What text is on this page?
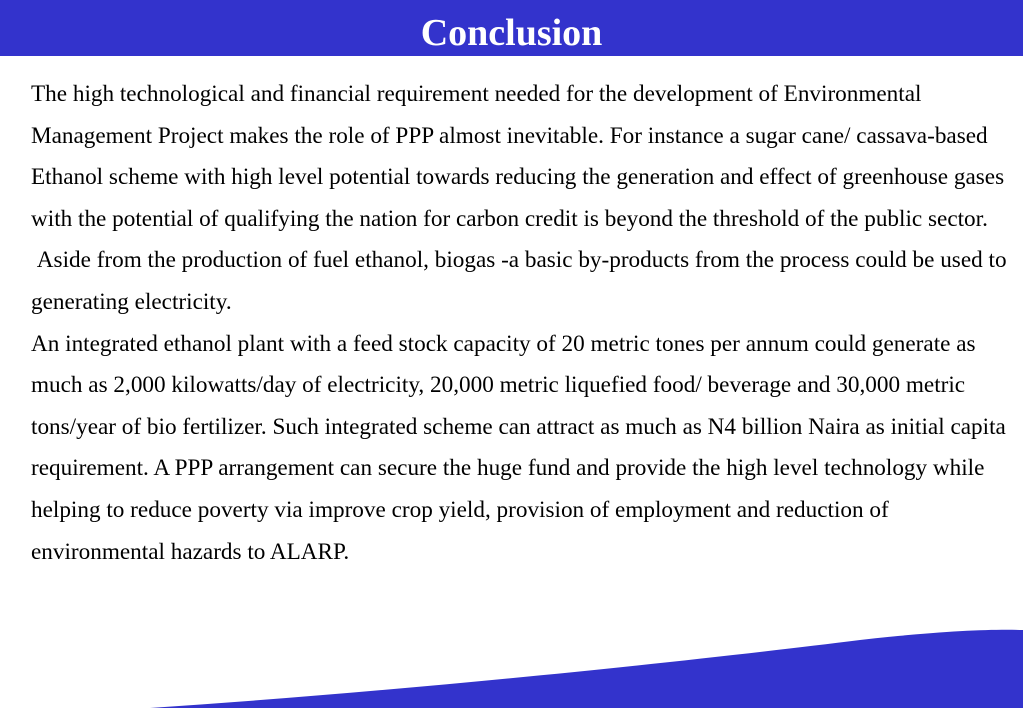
Conclusion

The high technological and financial requirement needed for the development of Environmental Management Project makes the role of PPP almost inevitable. For instance a sugar cane/ cassava-based Ethanol scheme with high level potential towards reducing the generation and effect of greenhouse gases with the potential of qualifying the nation for carbon credit is beyond the threshold of the public sector.

Aside from the production of fuel ethanol, biogas -a basic by-products from the process could be used to generating electricity.

An integrated ethanol plant with a feed stock capacity of 20 metric tones per annum could generate as much as 2,000 kilowatts/day of electricity, 20,000 metric liquefied food/ beverage and 30,000 metric tons/year of bio fertilizer. Such integrated scheme can attract as much as N4 billion Naira as initial capita requirement. A PPP arrangement can secure the huge fund and provide the high level technology while helping to reduce poverty via improve crop yield, provision of employment and reduction of environmental hazards to ALARP.
